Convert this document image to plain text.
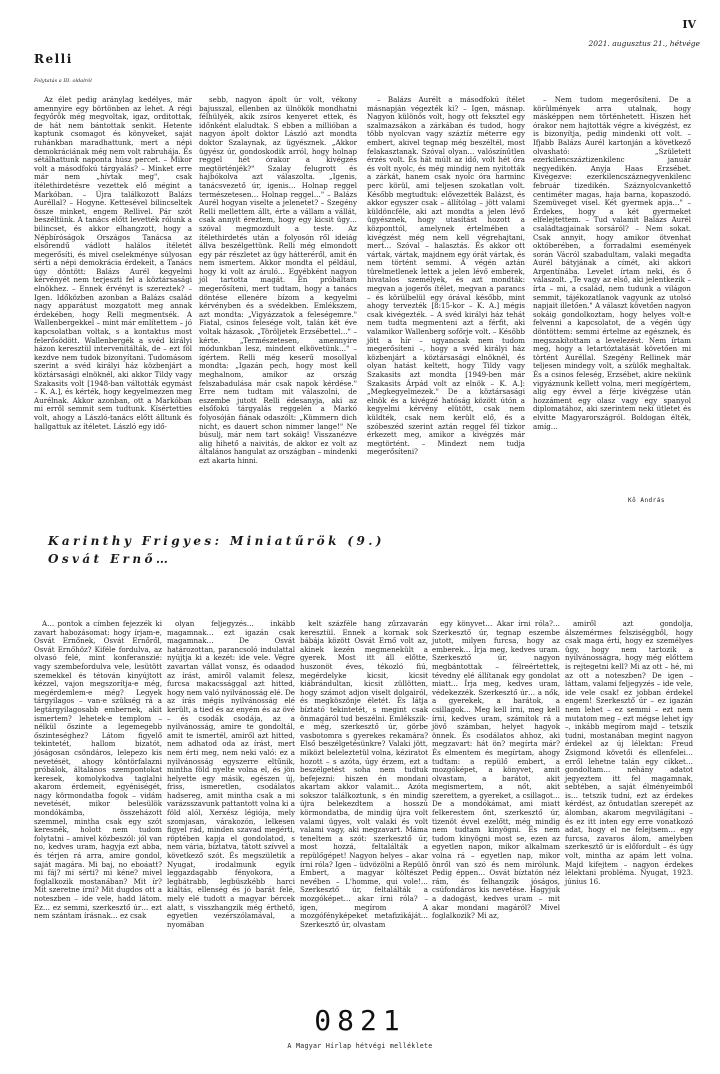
IV
2021. augusztus 21., hétvége
Relli
Folytatás a III. oldalról

Az élet pedig aránylag kedélyes, már amennyire egy börtönben az lehet. A régi fegyőrök még megvoltak, igaz, orditottak, de hát nem bántottak senkit. Hetente kaptunk csomagot és könyveket, saját ruhánkban maradhattunk, mert a népi demokráciának még nem volt rabruhája. És sétálhattunk naponta húsz percet. – Mikor volt a másodfokú tárgyalás? – Minket erre már nem „hívtak meg", csak ítélethirdetésre vezettek elő mégint a Markóban. – Újra találkozott Balázs Auréllal? – Hogyne. Kettesével bilincseltek össze minket, engem Rellivel. Pár szót beszéltünk. A tanács előtt levették rólunk a bilincset, és akkor elhangzott, hogy a Népbíróságok Országos Tanácsa az elsőrendű vádlott halálos ítéletét megerősíti, és mivel cselekménye súlyosan sérti a népi demokrácia érdekeit, a Tanács úgy döntött: Balázs Aurél kegyelmi kérvényét nem terjeszti fel a köztársasági elnökhez. – Ennek érvényt is szereztek? – Igen. Időközben azonban a Balázs család nagy apparátust mozgatott meg annak érdekében, hogy Relli megmentsék. A Wallenbergekkel – mint már említettem – jó kapcsolatban voltak, s a kontaktus most felerősödött. Wallenbergék a svéd királyi házon keresztül intervenitálták, de – ezt föl kezdve nem tudok bizonyítani. Tudomásom szerint a svéd királyi ház közbenjárt a köztársasági elnöknél, aki akkor Tildy vagy Szakasits volt [1948-ban váltották egymást – K. A.], és kérték, hogy kegyelmezzen meg Aurélnak. Akkor azonban, ott a Markóban mi erről semmit sem tudtunk. Kísértetties volt, ahogy a László-tanács előtt álltunk és hallgattuk az ítéletet. László egy idő-

sebb, nagyon ápolt úr volt, vékony bajusszal, ellenben az ülnökök mondhatni félhülyék, akik zsíros kenyeret ettek, és időnként elaludtak. S ebben a millióban a nagyon ápolt doktor László azt mondta doktor Szalaynak, az ügyésznek. „Akkor ügyész úr, gondoskodik arról, hogy holnap reggel hét órakor a kivégzés megtörténjék?" Szalay felugrott és hajbókolva azt válaszolta. „Igenis, tanácsvezető úr, igenis… Holnap reggel természetesen… Holnap reggel…" – Balázs Aurél hogyan viselte a jelenetet? – Szegény Relli mellettem állt, érte a vállam a vállát, csak annyit éreztem, hogy egy kicsit ügy… szóval megmozdult a teste. Az ítélethirdetés után a folyosón ről ideiág állva beszélgettünk. Relli még elmondott egy pár részletet az ügy hátteréről, amit én nem ismertem. Akkor mondta el például, hogy ki volt az áruló… Egyébként nagyon jól tartotta magát. Én próbáltam megerősíteni, mert tudtam, hogy a tanács döntése ellenére bízom a kegyelmi kérvényben és a svédekben. Emlékszem, azt mondta: „Vigyázzatok a feleségemre." Fiatal, csinos felesége volt, talán két éve voltak házasok. „Töröljetek Erzsébettel…" – kérte. „Természetesen, amennyire módunkban lesz, mindent elkövetünk…" – ígértem. Relli még keserű mosollyal mondta: „Igazán pech, hogy most kell meghalnom, amikor az ország felszabadulása már csak napok kérdése." Erre nem tudtam mit válaszolni, de eszembe jutott Relli édesanyja, aki az elsőfokú tárgyalás reggelén a Markó folyosóján fiának odaszólt: „Kümmern dich nicht, es dauert schon nimmer lange!" Ne búsulj, már nem tart sokáig! Visszanézve alig hihető a naivitás, de akkor ez volt az általános hangulat az országban – mindenki ezt akarta hinni.

– Balázs Aurélt a másodfokú ítélet másnapján végezték ki? – Igen, másnap. Nagyon különös volt, hogy ott feksztel egy szalmazsákon a zárkában és tudod, hogy több nyolcvan vagy száztíz méterre egy embert, akivel tegnap még beszéltél, most felakasztanak. Szóval olyan… valószínűtlen érzés volt. És hát múlt az idő, volt hét óra és volt nyolc, és még mindig nem nyitották a zárkát, hanem csak nyolc óra harminc perc körül, ami teljesen szokatlan volt. Később megtudtuk: elővezették Balázst, és akkor egyszer csak – állítólag – jött valami küldöncféle, aki azt mondta a jelen lévő ügyésznek, hogy utasítást hozott a központtól, amelynek értelmében a kivégzést még nem kell végrehajtani, mert… Szóval – halasztás. És akkor ott vártak, vártak, majdnem egy órát vártak, és nem történt semmi. A végén aztán türelmetlenek lettek a jelen lévő emberek, hivatalos személyek, és azt mondták: megvan a jogerős ítélet, megvan a parancs – és körülbelül egy órával később, mint ahogy tervezték [8:15-kor – K. A.] mégis csak kivégezték. – A svéd királyi ház tehát nem tudta megmenteni azt a férfit, aki valamikor Wallenberg sofőrje volt. – Később jött a hír – ugyancsak nem tudom megerősíteni –, hogy a svéd királyi ház közbenjárt a köztársasági elnöknél, és olyan hatást keltett, hogy Tildy vagy Szakasits azt mondta [1949-ben már Szakasits Árpád volt az elnök – K. A.]: „Megkegyelmezek." De a köztársasági elnök és a kivégzé hatóság között útón a kegyelmi kérvény elütött, csak nem küldték, csak nem került elő, és a szóbeszéd szerint aztán reggel fél tízkor érkezett meg, amikor a kivégzés már megtörtént. – Mindezt nem tudja megerősíteni?

– Nem tudom megerősíteni. De a körülmények arra utalnak, hogy másképpen nem történhetett. Hiszen hét órakor nem hajtották végre a kivégzést, ez is bizonyítja, pedig mindenki ott volt. – Ifjabb Balázs Aurél kartonján a következő olvasható: „Született ezerkilencszáztizenkilenc január negyedikén. Anyja Haas Erzsébet. Kivégezve: ezerkilencszáznegyvenkilenc február tizedikén. Száznyolcvankettő centiméter magas, haja barna, kopaszodó. Szemüveget visel. Két gyermek apja…" – Érdekes, hogy a két gyermeket elfelejtettem. – Tud valamit Balázs Aurél családtagjainak sorsáról? – Nem sokat. Csak annyit, hogy amikor ötvenhat októberében, a forradalmi események során Vácról szabadultam, valaki megadta Aurél bátyjának a címét, aki akkori Argentínába. Levelet írtam neki, és ő válaszolt. „Te vagy az első, aki jelentkezik – írta – mi, a család, nem tudunk a világon semmit, tájékozatlanok vagyunk az utolsó napjait illetően." A választ követően nagyon sokáig gondolkoztam, hogy helyes volt-e felvenni a kapcsolatot, de a végén úgy döntöttem: semmi értelme az egésznek, és megszakítottam a levelezést. Nem írtam meg, hogy a letartóztatását követően mi történt Auréllal. Szegény Rellinek már teljesen mindegy volt, a szülők meghaltak. És a csinos feleség, Erzsébet, akire nekünk vigyáznunk kellett volna, meri megígértem, alig egy évvel a férje kivégzése után hozzáment egy olasz vagy egy spanyol diplomatához, aki szerintem nekí ütletet és elvitte Magyarországról. Boldogan élték, amíg…

Kő András
Karinthy Frigyes: Miniatűrök (9.)
Osvát Ernő…

A… pontok a címben fejezzék ki zavart habozásomat: hogy írjam-e, Osvát Ernőnek, Osvát Ernőről, Osvát Ernőhöz? Kiféle fordulva, az olvasó felé, mint konferanszié: vagy szembefordulva vele, lesütött szemekkel és tétován kinyújtott kézzel, vajon megszorítja-e még, megérdemlem-e még? Legyek tárgyilagos – van-e szükség rá a legtárgyilagosabb embernek, akit ismertem? lehetek-e templom – nélkül őszinte a legemegebb őszinteséghez? Látom figyelő tekintetét, hallom bizatót, jóságosan csöndáros, lelepezo kis nevetését, ahogy köntörfalazni próbálok, általános szempontokat keresek, komolykodva taglalni akarom érdemeit, egyéniségét, nagy körmondatba fogok – vidám nevetését, mikor belesülök mondókámba, összeházott szemmel, mintha csak egy szót keresnék, holott nem tudom folytatni – amivel közbeszól: jól van no, kedves uram, hagyja ezt abba, és térjen rá arra, amire gondol, saját magára. Mi baj, no eboáatt? mi fáj? mi sérti? mi kéne? mivel foglalkozik mostanában? Mit ír? Mit szeretne írni? Mit dugdos ott a noteszben – ide vele, hadd látom. Ez… ez semmi, szerkesztő úr… ezt nem szántam írásnak… ez csak

olyan feljegyzés… inkább magamnak… ezt igazán csak magamnak… De Osvát határozottan, parancsoló indulattal nyújtja ki a kezét: ide vele. Végre zavartan vállat vonsz, és odaadod az írást, amiről valamit felesz, furcsa makacssággal azt hitted, hogy nem való nyilvánosság elé. De az írás mégis nyilvánosság elé került, a tied és az enyém és az övé – és csodák csodája, az a nyilvánosság, amire te gondoltál, amit te ismertél, amiről azt hitted, nem adhatod oda az írást, mert nem érti meg, nem neki való: ez a nyilvánosság egyszerre eltűnik, mintha föld nyelte volna el, és jön helyette egy másik, egészen új, friss, ismeretlen, csodálatos hadsereg, amit mintha csak a mi varázsszavunk pattantott volna ki a föld alól, Xerxész légiója, mely szomjasan, várakozón, lelkesen figyel rád, minden szavad megérti, röptében kapja el gondolatod, s nem vária, bíztatva, tátott szívvel a következő szót. És megszületik a Nyugat, irodalmunk egyik leggazdagabb fényokora, a legbátrabb, legbüszkébb harci kiáltás, ellenség és jó barát felé, mely elé tudott a magyar bércek alatt, s visszhangzik még érthető, egyetlen vezérszólamával, a nyomában

kelt százféle hang zűrzavarán keresztül. Ennek a kornak sok bábája között Osvát Ernő volt az, akinek kezén megmenekült a gyerek. Most itt áll előtte, huszonöt éves, tékozló fiú, megérdelyke kicsit, kicsit kiábrándultan, kicsit züllötten, hogy számot adjon viselt dolgairól, és megköszönje életét. És látja bíztató tekintetét, s megint csak önmagáról tud beszélni. Emlékszik-e még, szerkesztő úr, görbe vasbotomra s gyerekes rekamára? Első beszélgetésünkre? Valaki jött, miközt beleleztetül volna, kéziratot hozott – s azóta, úgy érzem, ezt a beszélgetést soha nem tudtuk befejezni: hiszen én mondani akartam akkor valamit… Azóta sokszor találkoztunk, s én mindig újra belekezdtem a hosszú körmondatba, de mindig újra volt valami ügyes, volt valaki és volt valami vagy, aki megzavart. Máma teneltem a szót: szerkesztő úr, most hozzá, feltalálták a repülőgépet! Nagyon helyes – akar írni róla? Igen – üdvözölni a Repülő Embert, a magyar költészet nevében – L'homme, qui vole!… Szerkesztő úr, feltalálták a mozgóképet… akar írni róla? – igen, megírom A mozgófényképeket metafizikáját… Szerkesztő úr, olvastam

egy könyvet… Akar írni róla?… Szerkesztő úr, tegnap eszembe jutott, milyen furcsa, hogy az emberek… Írja meg, kedves uram. Szerkesztő úr, nagyon megbántottak – félreértettek, tévedny elé állítanak egy gondolat miatt… Írja meg, kedves uram, védekezzék. Szerkesztő úr… a nők, a gyerekek, a barátok, a csillagok… Meg kell írni, meg kell írni, kedves uram, számítok rá a jövő számban, helyet hagyok önnek. És csodálatos ahhoz, aki megzavart: hát ön? megírta már? És elmentem és megírtam, ahogy tudtam: a repülő embert, a mozgóképet, a könyvet, amit olvastam, a barátot, akit megismertem, a nőt, akit szerettem, a gyereket, a csillagot… De a mondókámat, ami miatt felkerestem őnt, szerkesztő úr, tizenöt évvel ezelőtt, még mindig nem tudtam kinyögni. És nem tudom kinyögni most se, ezen az egyetlen napon, mikor alkalmam volna rá – egyetlen nap, mikor önről van szó és nem mirólunk. Pedig éppen… Osvát bíztatón néz rám, és felhangzik jóságos, csúfondáros kis nevetése. Hagyjuk a dadogást, kedves uram – mit akar mondani magáról? Mivel foglalkozik? Mi az,

amiről azt gondolja, álszemérmes felsziséggből, hogy csak maga érti, hogy ez személyes ügy, hogy nem tartozik a nyilvánosságra, hogy még előttem is rejtegetni kell? Mi az ott – hé, mi az ott a noteszben? De igen – láttam, valami feljegyzés – ide vele, ide vele csak! ez jobban érdekel engem! Szerkesztő úr – ez igazán nem lehet – ez semmi – ezt nem mutatom meg – ezt mégse lehet így –, inkább megírom majd – tetszik tudni, mostanában megint nagyon érdekel az új lélektan: Freud Zsigmond követői és ellenfelei… erről lehetne talán egy cikket… gondoltam… néhány adatot jegyeztem itt fel magamnak, sebtében, a saját élményeimből is… tetszik tudni, ezt az érdekes kérdést, az öntudatlan szerepét az álomban, akarom megvilágítani – és ez itt inten egy erre vonatkozó adat, hogy el ne felejtsem… egy furcsa, zavaros álom, amelyben szerkesztő úr is előfordult – és úgy volt, mintha az apám lett volna. Majd kifejtem – nagyon érdekes lélektani probléma. Nyugat, 1923. június 16.

0821
A Magyar Hírlap hétvégi melléklete
